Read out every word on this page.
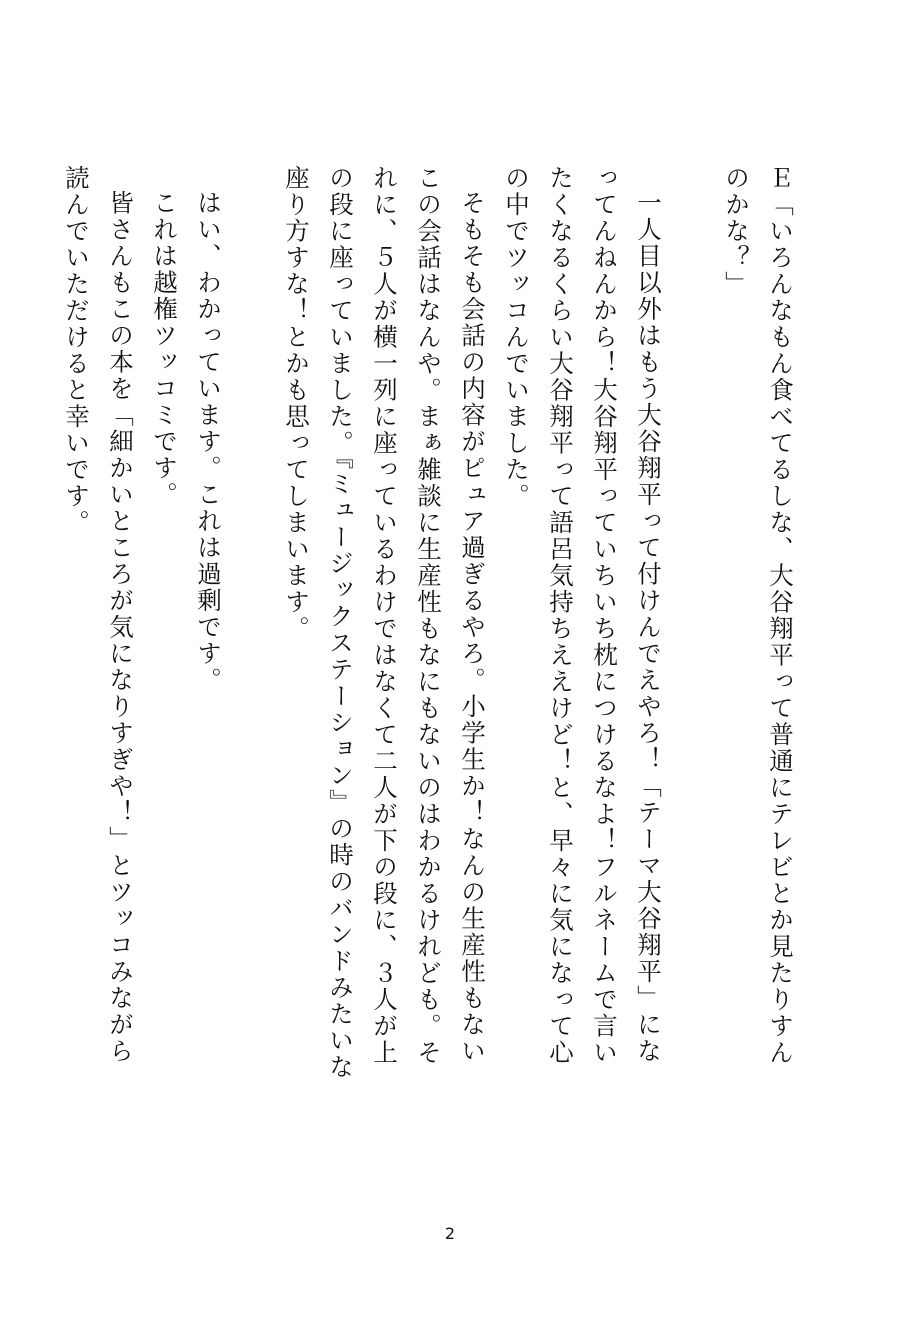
Ｅ「いろんなもん食べてるしな、大谷翔平って普通にテレビとか見たりすんのかな？」

一人目以外はもう大谷翔平って付けんでえやろ！「テーマ大谷翔平」になってんねんから！大谷翔平っていちいち枕につけるなよ！フルネームで言いたくなるくらい大谷翔平って語呂気持ちええけど！と、早々に気になって心の中でツッコんでいました。

そもそも会話の内容がピュア過ぎるやろ。小学生か！なんの生産性もないこの会話はなんや。まぁ雑談に生産性もなにもないのはわかるけれども。それに、５人が横一列に座っているわけではなくて二人が下の段に、３人が上の段に座っていました。『ミュージックステーション』の時のバンドみたいな座り方すな！とかも思ってしまいます。

はい、わかっています。これは過剰です。

これは越権ツッコミです。

皆さんもこの本を「細かいところが気になりすぎや！」とツッコみながら読んでいただけると幸いです。

2
